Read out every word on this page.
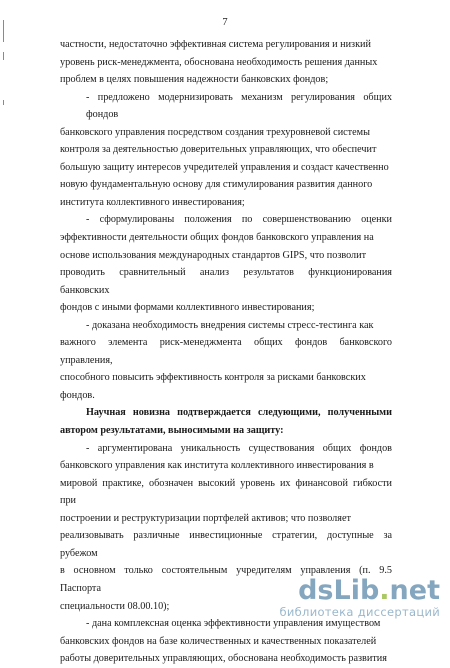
7

частности, недостаточно эффективная система регулирования и низкий

уровень риск-менеджмента, обоснована необходимость решения данных

проблем в целях повышения надежности банковских фондов;

- предложено модернизировать механизм регулирования общих фондов

банковского управления посредством создания трехуровневой системы

контроля за деятельностью доверительных управляющих, что обеспечит

большую защиту интересов учредителей управления и создаст качественно

новую фундаментальную основу для стимулирования развития данного

института коллективного инвестирования;

- сформулированы положения по совершенствованию оценки

эффективности деятельности общих фондов банковского управления на

основе использования международных стандартов GIPS, что позволит

проводить сравнительный анализ результатов функционирования банковских

фондов с иными формами коллективного инвестирования;

- доказана необходимость внедрения системы стресс-тестинга как

важного элемента риск-менеджмента общих фондов банковского управления,

способного повысить эффективность контроля за рисками банковских

фондов.

Научная новизна подтверждается следующими, полученными

автором результатами, выносимыми на защиту:

- аргументирована уникальность существования общих фондов

банковского управления как института коллективного инвестирования в

мировой практике, обозначен высокий уровень их финансовой гибкости при

построении и реструктуризации портфелей активов; что позволяет

реализовывать различные инвестиционные стратегии, доступные за рубежом

в основном только состоятельным учредителям управления (п. 9.5 Паспорта

специальности 08.00.10);

- дана комплексная оценка эффективности управления имуществом

банковских фондов на базе количественных и качественных показателей

работы доверительных управляющих, обоснована необходимость развития

dsLib.net
библиотека диссертаций
